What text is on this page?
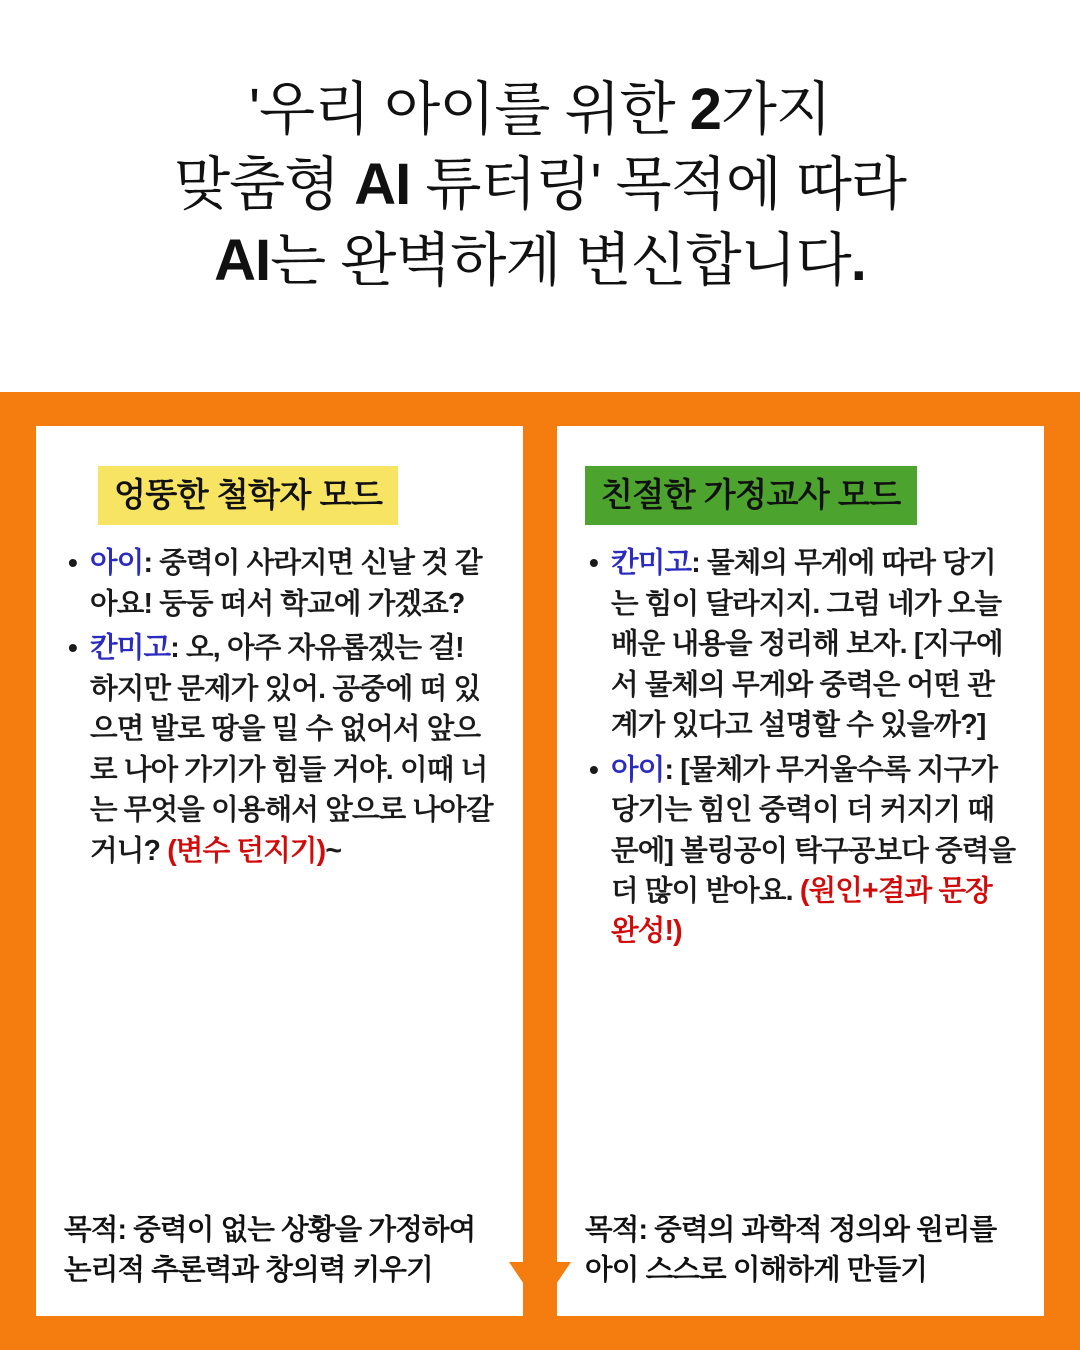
'우리 아이를 위한 2가지
맞춤형 AI 튜터링' 목적에 따라
AI는 완벽하게 변신합니다.
엉뚱한 철학자 모드
• 아이: 중력이 사라지면 신날 것 같아요! 둥둥 떠서 학교에 가겠죠?
• 칸미고: 오, 아주 자유롭겠는 걸! 하지만 문제가 있어. 공중에 떠 있으면 발로 땅을 밀 수 없어서 앞으로 나아 가기가 힘들 거야. 이때 너는 무엇을 이용해서 앞으로 나아갈 거니? (변수 던지기)~
목적: 중력이 없는 상황을 가정하여 논리적 추론력과 창의력 키우기
친절한 가정교사 모드
• 칸미고: 물체의 무게에 따라 당기는 힘이 달라지지. 그럼 네가 오늘 배운 내용을 정리해 보자. [지구에서 물체의 무게와 중력은 어떤 관계가 있다고 설명할 수 있을까?]
• 아이: [물체가 무거울수록 지구가 당기는 힘인 중력이 더 커지기 때문에] 볼링공이 탁구공보다 중력을 더 많이 받아요. (원인+결과 문장 완성!)
목적: 중력의 과학적 정의와 원리를 아이 스스로 이해하게 만들기
